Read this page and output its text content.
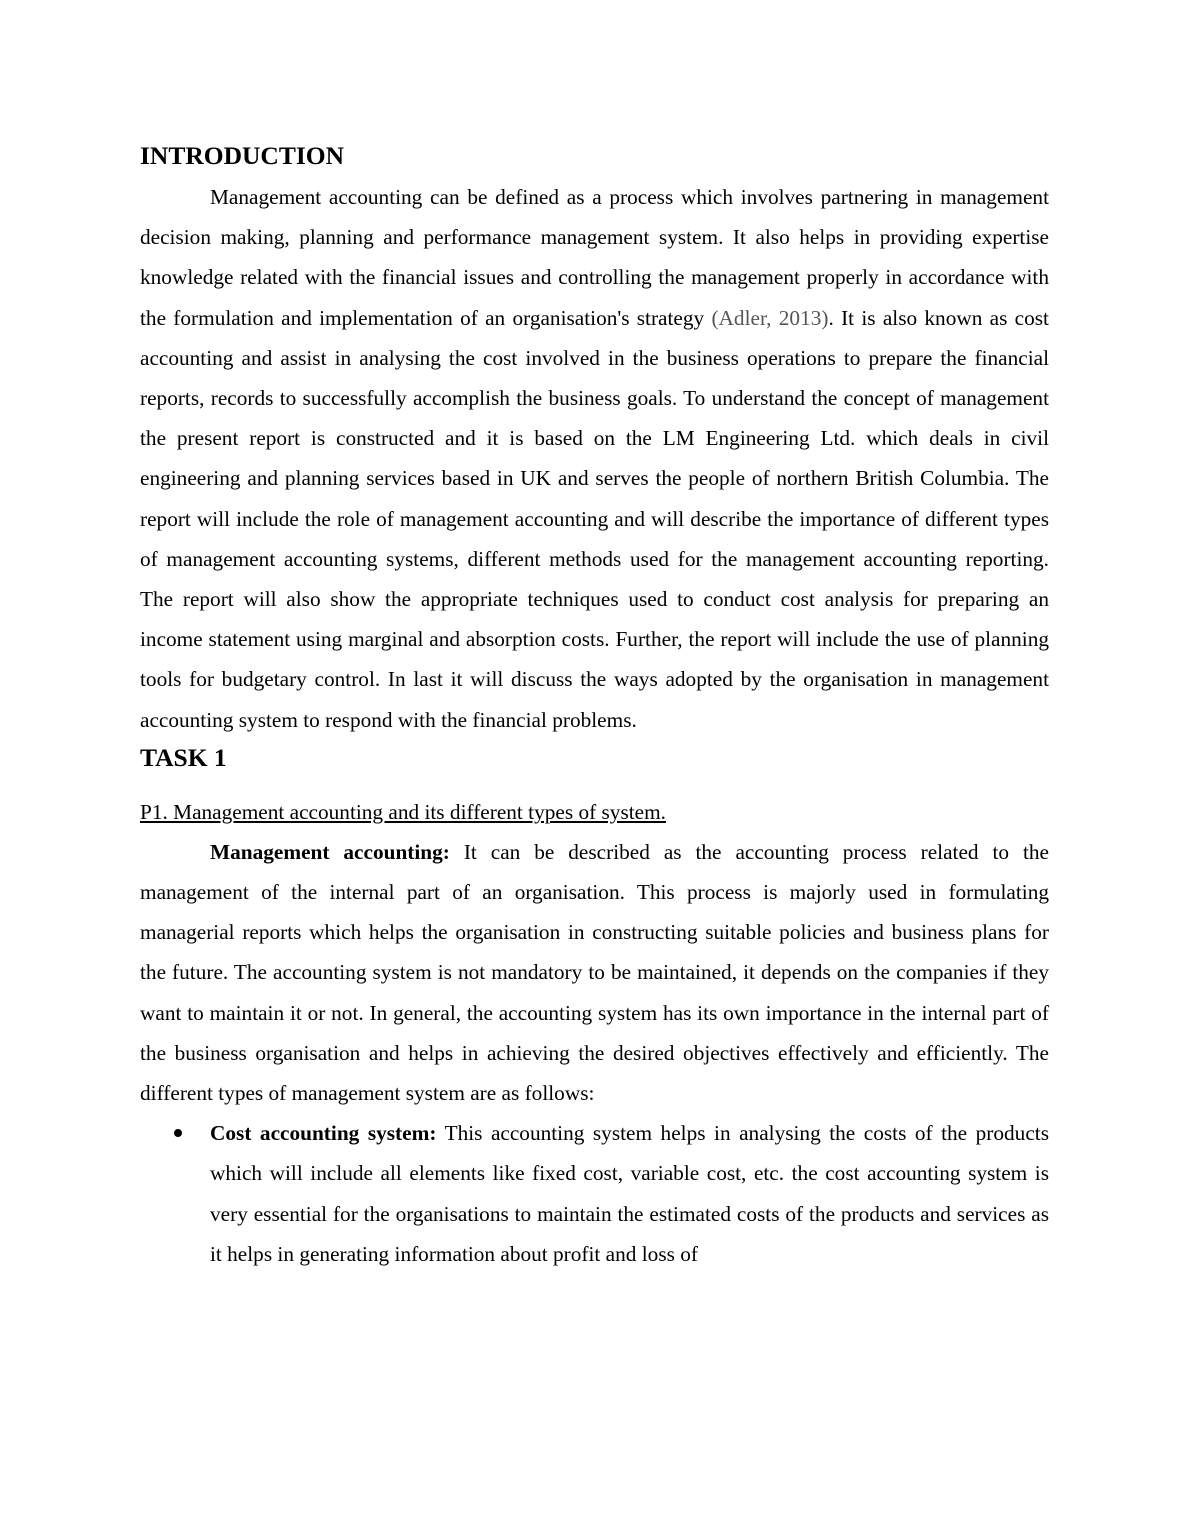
INTRODUCTION

Management accounting can be defined as a process which involves partnering in management decision making, planning and performance management system. It also helps in providing expertise knowledge related with the financial issues and controlling the management properly in accordance with the formulation and implementation of an organisation's strategy (Adler, 2013). It is also known as cost accounting and assist in analysing the cost involved in the business operations to prepare the financial reports, records to successfully accomplish the business goals. To understand the concept of management the present report is constructed and it is based on the LM Engineering Ltd. which deals in civil engineering and planning services based in UK and serves the people of northern British Columbia. The report will include the role of management accounting and will describe the importance of different types of management accounting systems, different methods used for the management accounting reporting. The report will also show the appropriate techniques used to conduct cost analysis for preparing an income statement using marginal and absorption costs. Further, the report will include the use of planning tools for budgetary control. In last it will discuss the ways adopted by the organisation in management accounting system to respond with the financial problems.

TASK 1

P1. Management accounting and its different types of system.

Management accounting: It can be described as the accounting process related to the management of the internal part of an organisation. This process is majorly used in formulating managerial reports which helps the organisation in constructing suitable policies and business plans for the future. The accounting system is not mandatory to be maintained, it depends on the companies if they want to maintain it or not. In general, the accounting system has its own importance in the internal part of the business organisation and helps in achieving the desired objectives effectively and efficiently. The different types of management system are as follows:

Cost accounting system: This accounting system helps in analysing the costs of the products which will include all elements like fixed cost, variable cost, etc. the cost accounting system is very essential for the organisations to maintain the estimated costs of the products and services as it helps in generating information about profit and loss of
